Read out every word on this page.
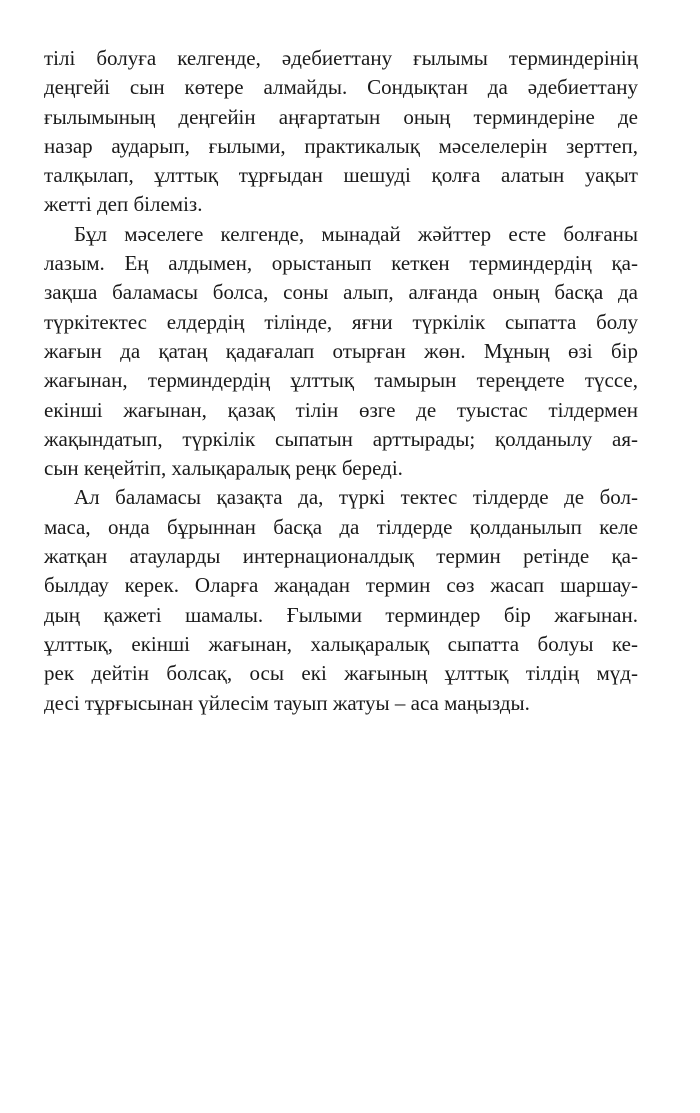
тілі болуға келгенде, әдебиеттану ғылымы терминдерінің
деңгейі сын көтере алмайды. Сондықтан да әдебиеттану
ғылымының деңгейін аңғартатын оның терминдеріне де
назар аударып, ғылыми, практикалық мәселелерін зерттеп,
талқылап, ұлттық тұрғыдан шешуді қолға алатын уақыт
жетті деп білеміз.

Бұл мәселеге келгенде, мынадай жәйттер есте болғаны
лазым. Ең алдымен, орыстанып кеткен терминдердің қа-
зақша баламасы болса, соны алып, алғанда оның басқа да
түркітектес елдердің тілінде, яғни түркілік сыпатта болу
жағын да қатаң қадағалап отырған жөн. Мұның өзі бір
жағынан, терминдердің ұлттық тамырын тереңдете түссе,
екінші жағынан, қазақ тілін өзге де туыстас тілдермен
жақындатып, түркілік сыпатын арттырады; қолданылу ая-
сын кеңейтіп, халықаралық реңк береді.

Ал баламасы қазақта да, түркі тектес тілдерде де бол-
маса, онда бұрыннан басқа да тілдерде қолданылып келе
жатқан атауларды интернационалдық термин ретінде қа-
былдау керек. Оларға жаңадан термин сөз жасап шаршау-
дың қажеті шамалы. Ғылыми терминдер бір жағынан.
ұлттық, екінші жағынан, халықаралық сыпатта болуы ке-
рек дейтін болсақ, осы екі жағының ұлттық тілдің мүд-
десі тұрғысынан үйлесім тауып жатуы – аса маңызды.
